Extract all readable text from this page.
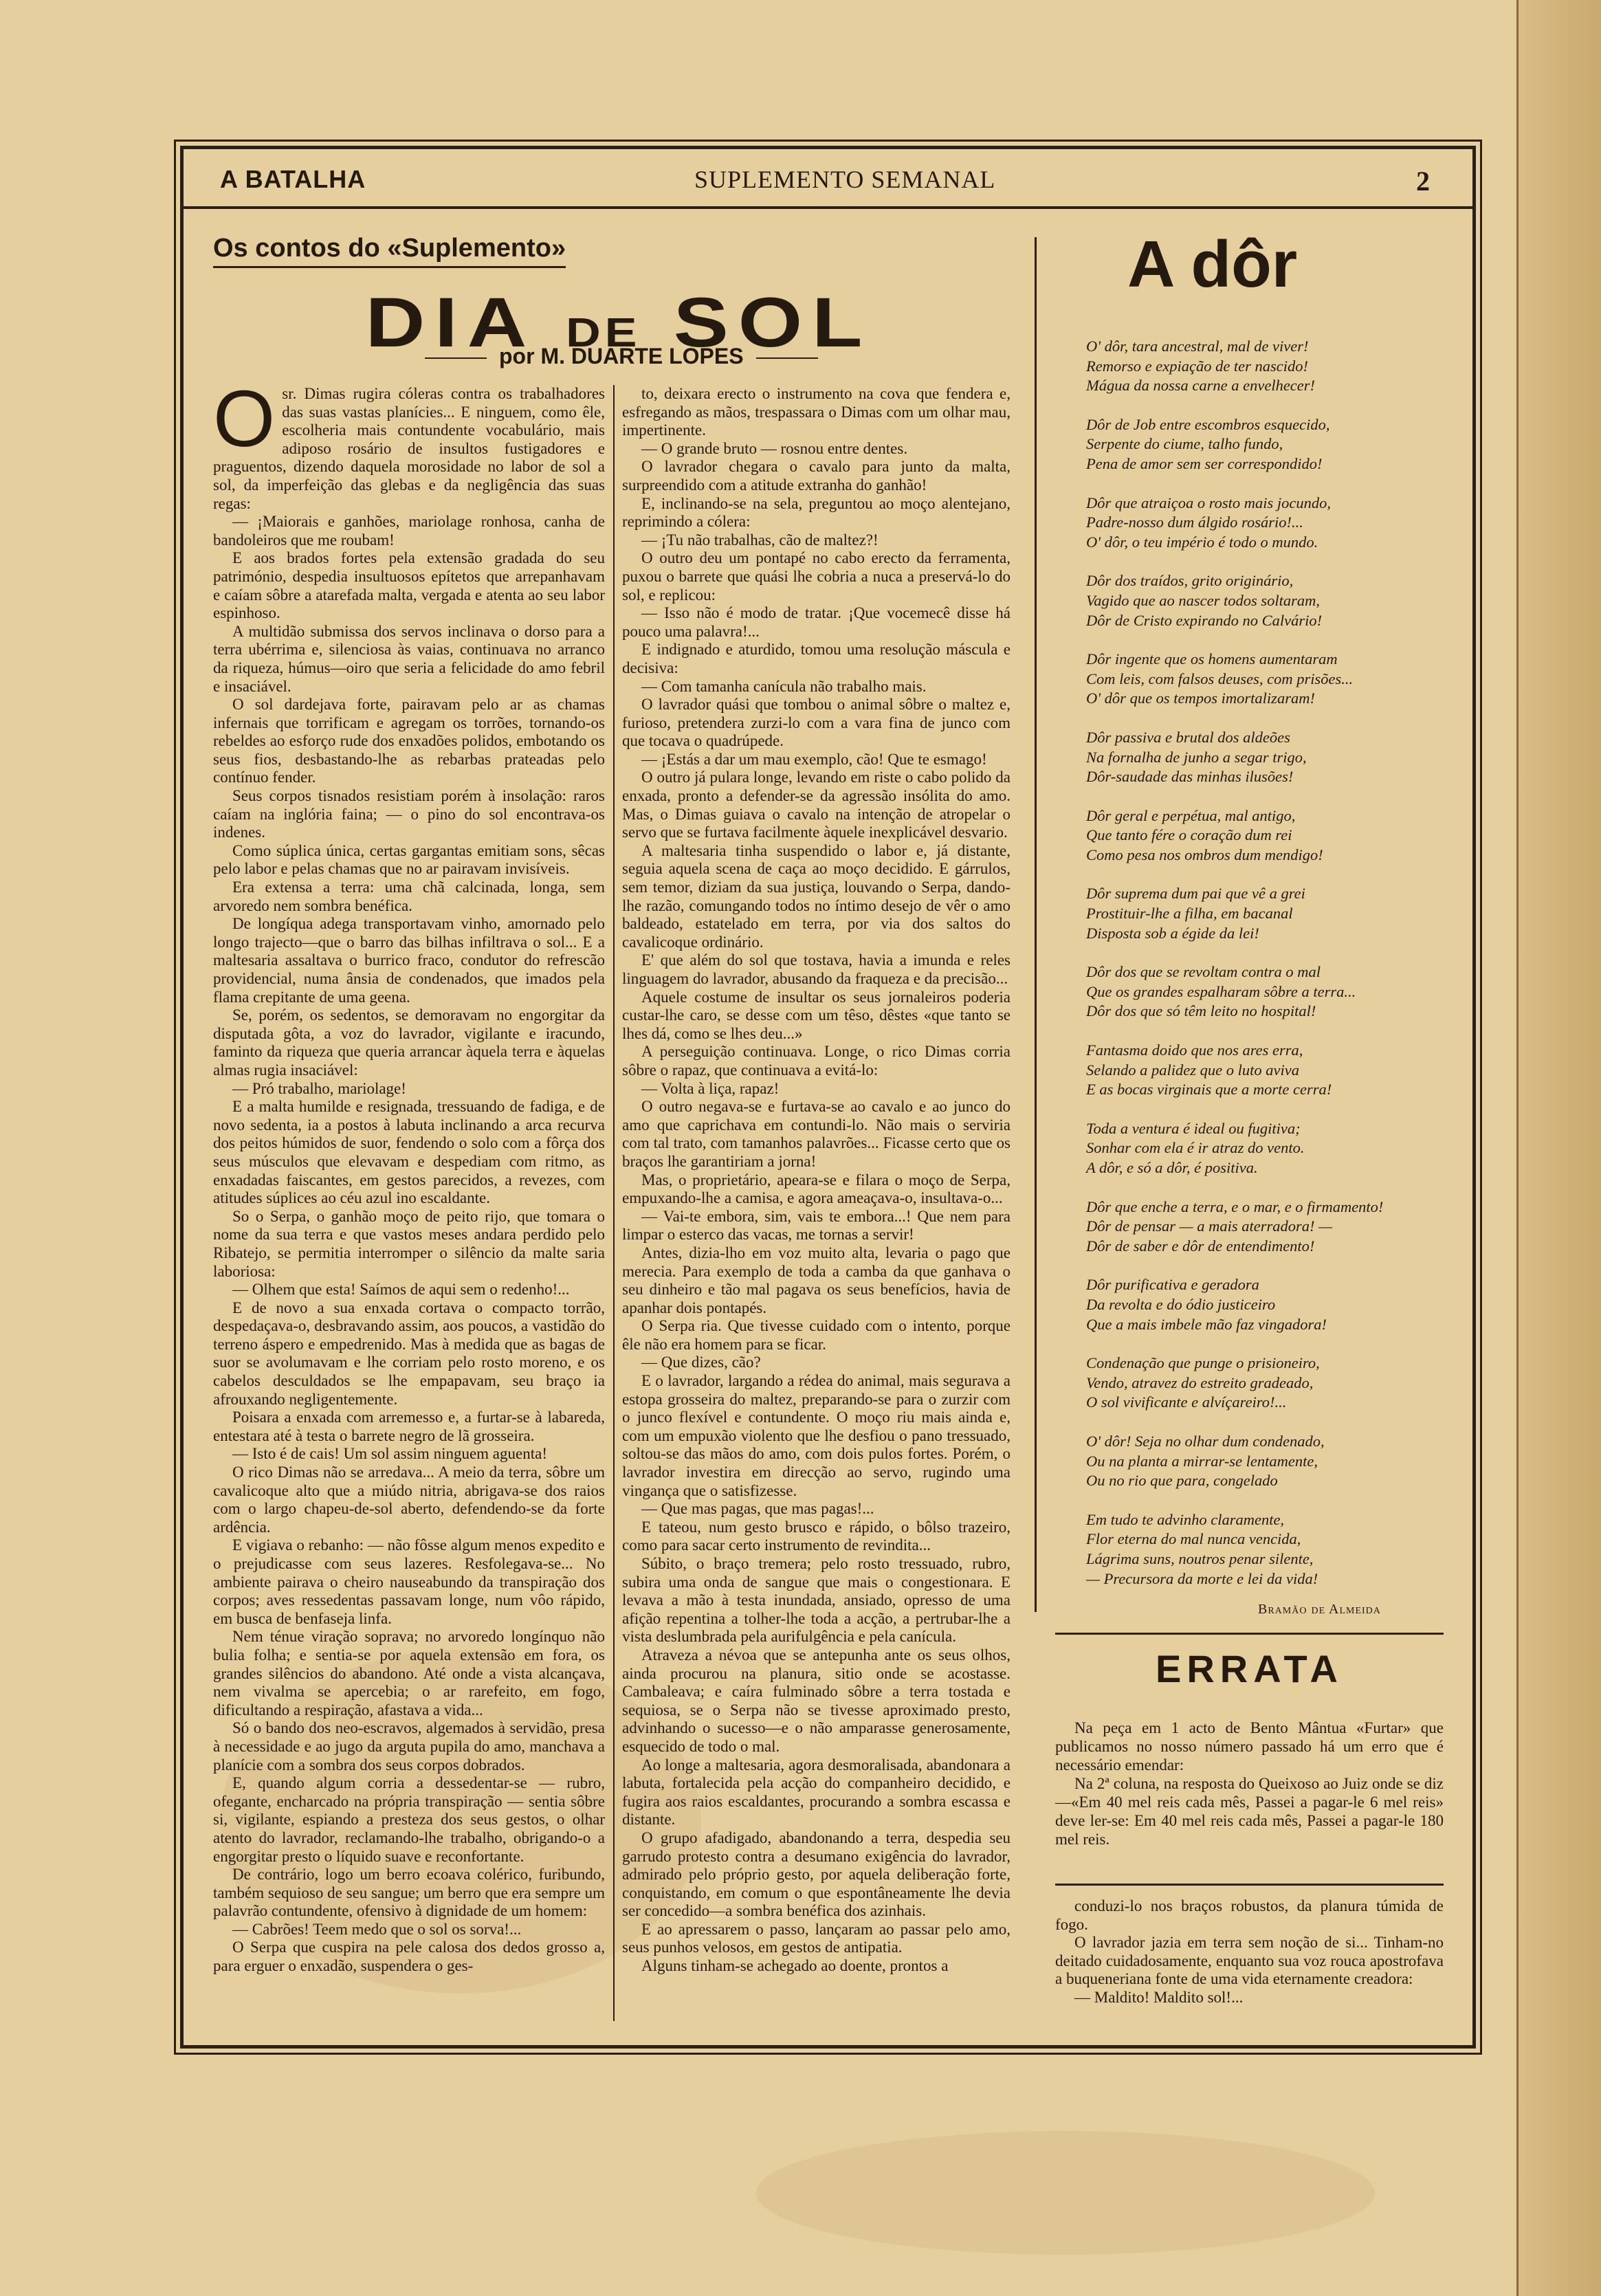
A BATALHA	SUPLEMENTO SEMANAL	2
Os contos do «Suplemento»
DIA DE SOL
por M. DUARTE LOPES
O sr. Dimas rugira cóleras contra os trabalhadores das suas vastas planícies... E ninguem, como êle, escolheria mais contundente vocabulário, mais adiposo rosário de insultos fustigadores e praguentos, dizendo daquela morosidade no labor de sol a sol, da imperfeição das glebas e da negligência das suas regas:

— ¡Maiorais e ganhões, mariolage ronhosa, canha de bandoleiros que me roubam!

E aos brados fortes pela extensão gradada do seu património, despedia insultuosos epítetos que arrepanhavam e caíam sôbre a atarefada malta, vergada e atenta ao seu labor espinhoso.

A multidão submissa dos servos inclinava o dorso para a terra ubérrima e, silenciosa às vaias, continuava no arranco da riqueza, húmus—oiro que seria a felicidade do amo febril e insaciável.

O sol dardejava forte, pairavam pelo ar as chamas infernais que torrificam e agregam os torrões, tornando-os rebeldes ao esforço rude dos enxadões polidos, embotando os seus fios, desbastando-lhe as rebarbas prateadas pelo contínuo fender.

Seus corpos tisnados resistiam porém à insolação: raros caíam na inglória faina; — o pino do sol encontrava-os indenes.

Como súplica única, certas gargantas emitiam sons, sêcas pelo labor e pelas chamas que no ar pairavam invisíveis.

Era extensa a terra: uma chã calcinada, longa, sem arvoredo nem sombra benéfica.

De longíqua adega transportavam vinho, amornado pelo longo trajecto—que o barro das bilhas infiltrava o sol... E a maltesaria assaltava o burrico fraco, condutor do refrescão providencial, numa ânsia de condenados, que imados pela flama crepitante de uma geena.

Se, porém, os sedentos, se demoravam no engorgitar da disputada gôta, a voz do lavrador, vigilante e iracundo, faminto da riqueza que queria arrancar àquela terra e àquelas almas rugia insaciável:

— Pró trabalho, mariolage!

E a malta humilde e resignada, tressuando de fadiga, e de novo sedenta, ia a postos à labuta inclinando a arca recurva dos peitos húmidos de suor, fendendo o solo com a fôrça dos seus músculos que elevavam e despediam com ritmo, as enxadadas faiscantes, em gestos parecidos, a revezes, com atitudes súplices ao céu azul ino escaldante.

So o Serpa, o ganhão moço de peito rijo, que tomara o nome da sua terra e que vastos meses andara perdido pelo Ribatejo, se permitia interromper o silêncio da malte saria laboriosa:

— Olhem que esta! Saímos de aqui sem o redenho!...

E de novo a sua enxada cortava o compacto torrão, despedaçava-o, desbravando assim, aos poucos, a vastidão do terreno áspero e empedrenido. Mas à medida que as bagas de suor se avolumavam e lhe corriam pelo rosto moreno, e os cabelos desculdados se lhe empapavam, seu braço ia afrouxando negligentemente.

Poisara a enxada com arremesso e, a furtar-se à labareda, entestara até à testa o barrete negro de lã grosseira.

— Isto é de cais! Um sol assim ninguem aguenta!

O rico Dimas não se arredava... A meio da terra, sôbre um cavalicoque alto que a miúdo nitria, abrigava-se dos raios com o largo chapeu-de-sol aberto, defendendo-se da forte ardência.

E vigiava o rebanho: — não fôsse algum menos expedito e o prejudicasse com seus lazeres. Resfolegava-se... No ambiente pairava o cheiro nauseabundo da transpiração dos corpos; aves ressedentas passavam longe, num vôo rápido, em busca de benfaseja linfa.

Nem ténue viração soprava; no arvoredo longínquo não bulia folha; e sentia-se por aquela extensão em fora, os grandes silêncios do abandono. Até onde a vista alcançava, nem vivalma se apercebia; o ar rarefeito, em fogo, dificultando a respiração, afastava a vida...

Só o bando dos neo-escravos, algemados à servidão, presa à necessidade e ao jugo da arguta pupila do amo, manchava a planície com a sombra dos seus corpos dobrados.

E, quando algum corria a dessedentar-se — rubro, ofegante, encharcado na própria transpiração — sentia sôbre si, vigilante, espiando a presteza dos seus gestos, o olhar atento do lavrador, reclamando-lhe trabalho, obrigando-o a engorgitar presto o líquido suave e reconfortante.

De contrário, logo um berro ecoava colérico, furibundo, também sequioso de seu sangue; um berro que era sempre um palavrão contundente, ofensivo à dignidade de um homem:

— Cabrões! Teem medo que o sol os sorva!...

O Serpa que cuspira na pele calosa dos dedos grosso a, para erguer o enxadão, suspendera o ges-

to, deixara erecto o instrumento na cova que fendera e, esfregando as mãos, trespassara o Dimas com um olhar mau, impertinente.

— O grande bruto — rosnou entre dentes.

O lavrador chegara o cavalo para junto da malta, surpreendido com a atitude extranha do ganhão!

E, inclinando-se na sela, preguntou ao moço alentejano, reprimindo a cólera:

— ¡Tu não trabalhas, cão de maltez?!

O outro deu um pontapé no cabo erecto da ferramenta, puxou o barrete que quási lhe cobria a nuca a preservá-lo do sol, e replicou:

— Isso não é modo de tratar. ¡Que vocemecê disse há pouco uma palavra!...

E indignado e aturdido, tomou uma resolução máscula e decisiva:

— Com tamanha canícula não trabalho mais.

O lavrador quási que tombou o animal sôbre o maltez e, furioso, pretendera zurzi-lo com a vara fina de junco com que tocava o quadrúpede.

— ¡Estás a dar um mau exemplo, cão! Que te esmago!

O outro já pulara longe, levando em riste o cabo polido da enxada, pronto a defender-se da agressão insólita do amo. Mas, o Dimas guiava o cavalo na intenção de atropelar o servo que se furtava facilmente àquele inexplicável desvario.

A maltesaria tinha suspendido o labor e, já distante, seguia aquela scena de caça ao moço decidido. E gárrulos, sem temor, diziam da sua justiça, louvando o Serpa, dando-lhe razão, comungando todos no íntimo desejo de vêr o amo baldeado, estatelado em terra, por via dos saltos do cavalicoque ordinário.

E' que além do sol que tostava, havia a imunda e reles linguagem do lavrador, abusando da fraqueza e da precisão...

Aquele costume de insultar os seus jornaleiros poderia custar-lhe caro, se desse com um têso, dêstes «que tanto se lhes dá, como se lhes deu...»

A perseguição continuava. Longe, o rico Dimas corria sôbre o rapaz, que continuava a evitá-lo:

— Volta à liça, rapaz!

O outro negava-se e furtava-se ao cavalo e ao junco do amo que caprichava em contundi-lo. Não mais o serviria com tal trato, com tamanhos palavrões... Ficasse certo que os braços lhe garantiriam a jorna!

Mas, o proprietário, apeara-se e filara o moço de Serpa, empuxando-lhe a camisa, e agora ameaçava-o, insultava-o...

— Vai-te embora, sim, vais te embora...! Que nem para limpar o esterco das vacas, me tornas a servir!

Antes, dizia-lho em voz muito alta, levaria o pago que merecia. Para exemplo de toda a camba da que ganhava o seu dinheiro e tão mal pagava os seus benefícios, havia de apanhar dois pontapés.

O Serpa ria. Que tivesse cuidado com o intento, porque êle não era homem para se ficar.

— Que dizes, cão?

E o lavrador, largando a rédea do animal, mais segurava a estopa grosseira do maltez, preparando-se para o zurzir com o junco flexível e contundente. O moço riu mais ainda e, com um empuxão violento que lhe desfiou o pano tressuado, soltou-se das mãos do amo, com dois pulos fortes. Porém, o lavrador investira em direcção ao servo, rugindo uma vingança que o satisfizesse.

— Que mas pagas, que mas pagas!...

E tateou, num gesto brusco e rápido, o bôlso trazeiro, como para sacar certo instrumento de revindita...

Súbito, o braço tremera; pelo rosto tressuado, rubro, subira uma onda de sangue que mais o congestionara. E levava a mão à testa inundada, ansiado, opresso de uma afição repentina a tolher-lhe toda a acção, a pertrubar-lhe a vista deslumbrada pela aurifulgência e pela canícula.

Atraveza a névoa que se antepunha ante os seus olhos, ainda procurou na planura, sitio onde se acostasse. Cambaleava; e caíra fulminado sôbre a terra tostada e sequiosa, se o Serpa não se tivesse aproximado presto, advinhando o sucesso—e o não amparasse generosamente, esquecido de todo o mal.

Ao longe a maltesaria, agora desmoralisada, abandonara a labuta, fortalecida pela acção do companheiro decidido, e fugira aos raios escaldantes, procurando a sombra escassa e distante.

O grupo afadigado, abandonando a terra, despedia seu garrudo protesto contra a desumano exigência do lavrador, admirado pelo próprio gesto, por aquela deliberação forte, conquistando, em comum o que espontâneamente lhe devia ser concedido—a sombra benéfica dos azinhais.

E ao apressarem o passo, lançaram ao passar pelo amo, seus punhos velosos, em gestos de antipatia.

Alguns tinham-se achegado ao doente, prontos a

A dôr
O' dôr, tara ancestral, mal de viver!
Remorso e expiação de ter nascido!
Mágua da nossa carne a envelhecer!
Dôr de Job entre escombros esquecido,
Serpente do ciume, talho fundo,
Pena de amor sem ser correspondido!
Dôr que atraiçoa o rosto mais jocundo,
Padre-nosso dum álgido rosário!...
O' dôr, o teu império é todo o mundo.
Dôr dos traídos, grito originário,
Vagido que ao nascer todos soltaram,
Dôr de Cristo expirando no Calvário!
Dôr ingente que os homens aumentaram
Com leis, com falsos deuses, com prisões...
O' dôr que os tempos imortalizaram!
Dôr passiva e brutal dos aldeões
Na fornalha de junho a segar trigo,
Dôr-saudade das minhas ilusões!
Dôr geral e perpétua, mal antigo,
Que tanto fére o coração dum rei
Como pesa nos ombros dum mendigo!
Dôr suprema dum pai que vê a grei
Prostituir-lhe a filha, em bacanal
Disposta sob a égide da lei!
Dôr dos que se revoltam contra o mal
Que os grandes espalharam sôbre a terra...
Dôr dos que só têm leito no hospital!
Fantasma doido que nos ares erra,
Selando a palidez que o luto aviva
E as bocas virginais que a morte cerra!
Toda a ventura é ideal ou fugitiva;
Sonhar com ela é ir atraz do vento.
A dôr, e só a dôr, é positiva.
Dôr que enche a terra, e o mar, e o firmamento!
Dôr de pensar — a mais aterradora! —
Dôr de saber e dôr de entendimento!
Dôr purificativa e geradora
Da revolta e do ódio justiceiro
Que a mais imbele mão faz vingadora!
Condenação que punge o prisioneiro,
Vendo, atravez do estreito gradeado,
O sol vivificante e alvíçareiro!...
O' dôr! Seja no olhar dum condenado,
Ou na planta a mirrar-se lentamente,
Ou no rio que para, congelado
Em tudo te advinho claramente,
Flor eterna do mal nunca vencida,
Lágrima suns, noutros penar silente,
— Precursora da morte e lei da vida!
Bramão de Almeida
ERRATA

Na peça em 1 acto de Bento Mântua «Furtar» que publicamos no nosso número passado há um erro que é necessário emendar:

Na 2ª coluna, na resposta do Queixoso ao Juiz onde se diz—«Em 40 mel reis cada mês, Passei a pagar-le 6 mel reis» deve ler-se: Em 40 mel reis cada mês, Passei a pagar-le 180 mel reis.

conduzi-lo nos braços robustos, da planura túmida de fogo.

O lavrador jazia em terra sem noção de si... Tinham-no deitado cuidadosamente, enquanto sua voz rouca apostrofava a buqueneriana fonte de uma vida eternamente creadora:

— Maldito! Maldito sol!...
